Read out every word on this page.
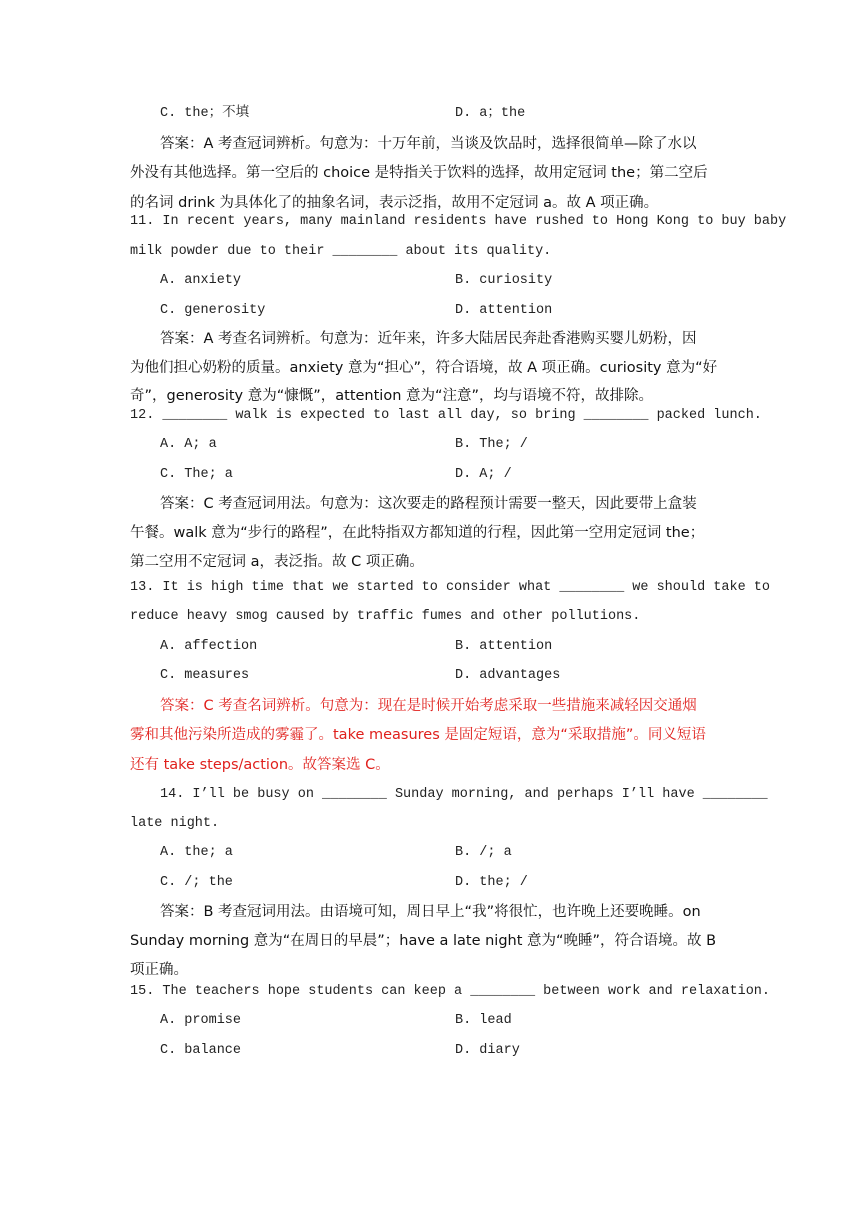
C. the；不填	D. a；the
答案：A 考查冠词辨析。句意为：十万年前，当谈及饮品时，选择很简单—除了水以
外没有其他选择。第一空后的 choice 是特指关于饮料的选择，故用定冠词 the；第二空后
的名词 drink 为具体化了的抽象名词，表示泛指，故用不定冠词 a。故 A 项正确。
11. In recent years, many mainland residents have rushed to Hong Kong to buy baby
milk powder due to their ________ about its quality.
A. anxiety	B. curiosity
C. generosity	D. attention
答案：A 考查名词辨析。句意为：近年来，许多大陆居民奔赴香港购买婴儿奶粉，因
为他们担心奶粉的质量。anxiety 意为“担心”，符合语境，故 A 项正确。curiosity 意为“好
奇”，generosity 意为“慷慨”，attention 意为“注意”，均与语境不符，故排除。
12. ________ walk is expected to last all day, so bring ________ packed lunch.
A. A; a	B. The; /
C. The; a	D. A; /
答案：C 考查冠词用法。句意为：这次要走的路程预计需要一整天，因此要带上盒装
午餐。walk 意为“步行的路程”，在此特指双方都知道的行程，因此第一空用定冠词 the；
第二空用不定冠词 a，表泛指。故 C 项正确。
13. It is high time that we started to consider what ________ we should take to
reduce heavy smog caused by traffic fumes and other pollutions.
A. affection	B. attention
C. measures	D. advantages
答案：C 考查名词辨析。句意为：现在是时候开始考虑采取一些措施来减轻因交通烟
雾和其他污染所造成的雾霾了。take measures 是固定短语，意为“采取措施”。同义短语
还有 take steps/action。故答案选 C。
14. I’ll be busy on ________ Sunday morning, and perhaps I’ll have ________
late night.
A. the; a	B. /; a
C. /; the	D. the; /
答案：B 考查冠词用法。由语境可知，周日早上“我”将很忙，也许晚上还要晚睡。on
Sunday morning 意为“在周日的早晨”；have a late night 意为“晚睡”，符合语境。故 B
项正确。
15. The teachers hope students can keep a ________ between work and relaxation.
A. promise	B. lead
C. balance	D. diary
